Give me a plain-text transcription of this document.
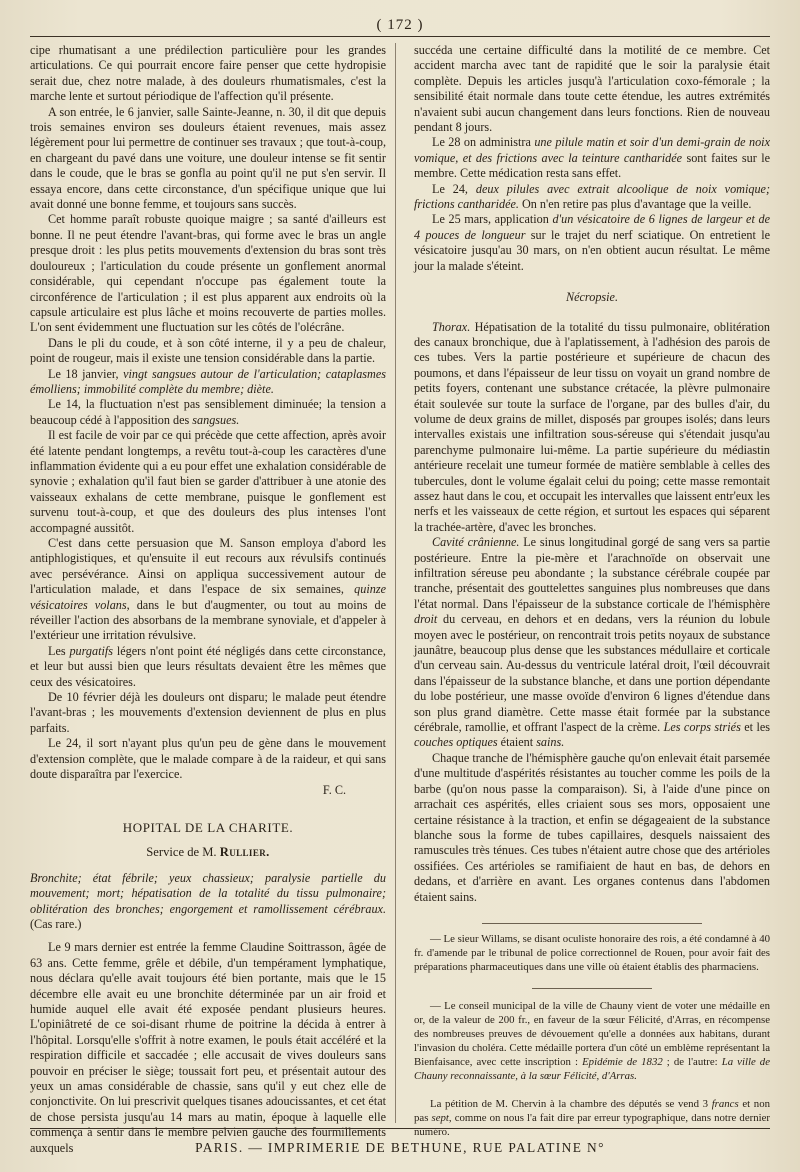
( 172 )

cipe rhumatisant a une prédilection particulière pour les grandes articulations. Ce qui pourrait encore faire penser que cette hydropisie serait due, chez notre malade, à des douleurs rhumatismales, c'est la marche lente et surtout périodique de l'affection qu'il présente.

A son entrée, le 6 janvier, salle Sainte-Jeanne, n. 30, il dit que depuis trois semaines environ ses douleurs étaient revenues, mais assez légèrement pour lui permettre de continuer ses travaux ; que tout-à-coup, en chargeant du pavé dans une voiture, une douleur intense se fit sentir dans le coude, que le bras se gonfla au point qu'il ne put s'en servir. Il essaya encore, dans cette circonstance, d'un spécifique unique que lui avait donné une bonne femme, et toujours sans succès.

Cet homme paraît robuste quoique maigre ; sa santé d'ailleurs est bonne. Il ne peut étendre l'avant-bras, qui forme avec le bras un angle presque droit : les plus petits mouvements d'extension du bras sont très douloureux ; l'articulation du coude présente un gonflement anormal considérable, qui cependant n'occupe pas également toute la circonférence de l'articulation ; il est plus apparent aux endroits où la capsule articulaire est plus lâche et moins recouverte de parties molles. L'on sent évidemment une fluctuation sur les côtés de l'olécrâne.

Dans le pli du coude, et à son côté interne, il y a peu de chaleur, point de rougeur, mais il existe une tension considérable dans la partie.

Le 18 janvier, vingt sangsues autour de l'articulation; cataplasmes émolliens; immobilité complète du membre; diète.

Le 14, la fluctuation n'est pas sensiblement diminuée; la tension a beaucoup cédé à l'apposition des sangsues.

Il est facile de voir par ce qui précède que cette affection, après avoir été latente pendant longtemps, a revêtu tout-à-coup les caractères d'une inflammation évidente qui a eu pour effet une exhalation considérable de synovie ; exhalation qu'il faut bien se garder d'attribuer à une atonie des vaisseaux exhalans de cette membrane, puisque le gonflement est survenu tout-à-coup, et que des douleurs des plus intenses l'ont accompagné aussitôt.

C'est dans cette persuasion que M. Sanson employa d'abord les antiphlogistiques, et qu'ensuite il eut recours aux révulsifs continués avec persévérance. Ainsi on appliqua successivement autour de l'articulation malade, et dans l'espace de six semaines, quinze vésicatoires volans, dans le but d'augmenter, ou tout au moins de réveiller l'action des absorbans de la membrane synoviale, et d'appeler à l'extérieur une irritation révulsive.

Les purgatifs légers n'ont point été négligés dans cette circonstance, et leur but aussi bien que leurs résultats devaient être les mêmes que ceux des vésicatoires.

De 10 février déjà les douleurs ont disparu; le malade peut étendre l'avant-bras ; les mouvements d'extension deviennent de plus en plus parfaits.

Le 24, il sort n'ayant plus qu'un peu de gène dans le mouvement d'extension complète, que le malade compare à de la raideur, et qui sans doute disparaîtra par l'exercice.

F. C.

HOPITAL DE LA CHARITE.
Service de M. Rullier.

Bronchite; état fébrile; yeux chassieux; paralysie partielle du mouvement; mort; hépatisation de la totalité du tissu pulmonaire; oblitération des bronches; engorgement et ramollissement cérébraux. (Cas rare.)

Le 9 mars dernier est entrée la femme Claudine Soittrasson, âgée de 63 ans. Cette femme, grêle et débile, d'un tempérament lymphatique, nous déclara qu'elle avait toujours été bien portante, mais que le 15 décembre elle avait eu une bronchite déterminée par un air froid et humide auquel elle avait été exposée pendant plusieurs heures. L'opiniâtreté de ce soi-disant rhume de poitrine la décida à entrer à l'hôpital. Lorsqu'elle s'offrit à notre examen, le pouls était accéléré et la respiration difficile et saccadée ; elle accusait de vives douleurs sans pouvoir en préciser le siège; toussait fort peu, et présentait autour des yeux un amas considérable de chassie, sans qu'il y eut chez elle de conjonctivite. On lui prescrivit quelques tisanes adoucissantes, et cet état de chose persista jusqu'au 14 mars au matin, époque à laquelle elle commença à sentir dans le membre pelvien gauche des fourmillements auxquels

succéda une certaine difficulté dans la motilité de ce membre. Cet accident marcha avec tant de rapidité que le soir la paralysie était complète. Depuis les articles jusqu'à l'articulation coxo-fémorale ; la sensibilité était normale dans toute cette étendue, les autres extrémités n'avaient subi aucun changement dans leurs fonctions. Rien de nouveau pendant 8 jours.

Le 28 on administra une pilule matin et soir d'un demi-grain de noix vomique, et des frictions avec la teinture cantharidée sont faites sur le membre. Cette médication resta sans effet.

Le 24, deux pilules avec extrait alcoolique de noix vomique; frictions cantharidée. On n'en retire pas plus d'avantage que la veille.

Le 25 mars, application d'un vésicatoire de 6 lignes de largeur et de 4 pouces de longueur sur le trajet du nerf sciatique. On entretient le vésicatoire jusqu'au 30 mars, on n'en obtient aucun résultat. Le même jour la malade s'éteint.

Nécropsie.

Thorax. Hépatisation de la totalité du tissu pulmonaire, oblitération des canaux bronchique, due à l'aplatissement, à l'adhésion des parois de ces tubes. Vers la partie postérieure et supérieure de chacun des poumons, et dans l'épaisseur de leur tissu on voyait un grand nombre de petits foyers, contenant une substance crétacée, la plèvre pulmonaire était soulevée sur toute la surface de l'organe, par des bulles d'air, du volume de deux grains de millet, disposés par groupes isolés; dans leurs intervalles existais une infiltration sous-séreuse qui s'étendait jusqu'au parenchyme pulmonaire lui-même. La partie supérieure du médiastin antérieure recelait une tumeur formée de matière semblable à celles des tubercules, dont le volume égalait celui du poing; cette masse remontait assez haut dans le cou, et occupait les intervalles que laissent entr'eux les nerfs et les vaisseaux de cette région, et surtout les espaces qui séparent la trachée-artère, d'avec les bronches.

Cavité crânienne. Le sinus longitudinal gorgé de sang vers sa partie postérieure. Entre la pie-mère et l'arachnoïde on observait une infiltration séreuse peu abondante ; la substance cérébrale coupée par tranche, présentait des gouttelettes sanguines plus nombreuses que dans l'état normal. Dans l'épaisseur de la substance corticale de l'hémisphère droit du cerveau, en dehors et en dedans, vers la réunion du lobule moyen avec le postérieur, on rencontrait trois petits noyaux de substance jaunâtre, beaucoup plus dense que les substances médullaire et corticale d'un cerveau sain. Au-dessus du ventricule latéral droit, l'œil découvrait dans l'épaisseur de la substance blanche, et dans une portion dépendante du lobe postérieur, une masse ovoïde d'environ 6 lignes d'étendue dans son plus grand diamètre. Cette masse était formée par la substance cérébrale, ramollie, et offrant l'aspect de la crème. Les corps striés et les couches optiques étaient sains.

Chaque tranche de l'hémisphère gauche qu'on enlevait était parsemée d'une multitude d'aspérités résistantes au toucher comme les poils de la barbe (qu'on nous passe la comparaison). Si, à l'aide d'une pince on arrachait ces aspérités, elles criaient sous ses mors, opposaient une certaine résistance à la traction, et enfin se dégageaient de la substance blanche sous la forme de tubes capillaires, desquels naissaient des ramuscules très ténues. Ces tubes n'étaient autre chose que des artérioles ossifiées. Ces artérioles se ramifiaient de haut en bas, de dehors en dedans, et d'arrière en avant. Les organes contenus dans l'abdomen étaient sains.

— Le sieur Willams, se disant oculiste honoraire des rois, a été condamné à 40 fr. d'amende par le tribunal de police correctionnel de Rouen, pour avoir fait des préparations pharmaceutiques dans une ville où étaient établis des pharmaciens.

— Le conseil municipal de la ville de Chauny vient de voter une médaille en or, de la valeur de 200 fr., en faveur de la sœur Félicité, d'Arras, en récompense des nombreuses preuves de dévouement qu'elle a données aux habitans, durant l'invasion du choléra. Cette médaille portera d'un côté un emblème représentant la Bienfaisance, avec cette inscription : Epidémie de 1832 ; de l'autre: La ville de Chauny reconnaissante, à la sœur Félicité, d'Arras.

La pétition de M. Chervin à la chambre des députés se vend 3 francs et non pas sept, comme on nous l'a fait dire par erreur typographique, dans notre dernier numéro.

PARIS. — IMPRIMERIE DE BETHUNE, RUE PALATINE N°
